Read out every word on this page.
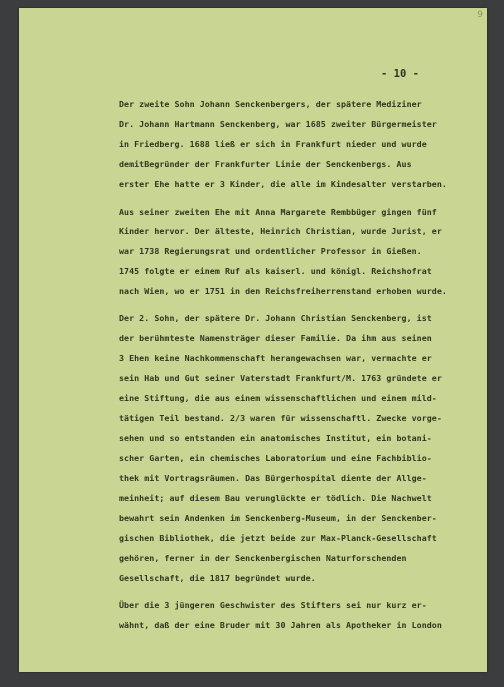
9
- 10 -
Der zweite Sohn Johann Senckenbergers, der spätere Mediziner
Dr. Johann Hartmann Senckenberg, war 1685 zweiter Bürgermeister
in Friedberg. 1688 ließ er sich in Frankfurt nieder und wurde
demitBegründer der Frankfurter Linie der Senckenbergs. Aus
erster Ehe hatte er 3 Kinder, die alle im Kindesalter verstarben.
Aus seiner zweiten Ehe mit Anna Margarete Rembbüger gingen fünf
Kinder hervor. Der älteste, Heinrich Christian, wurde Jurist, er
war 1738 Regierungsrat und ordentlicher Professor in Gießen.
1745 folgte er einem Ruf als kaiserl. und königl. Reichshofrat
nach Wien, wo er 1751 in den Reichsfreiherrenstand erhoben wurde.
Der 2. Sohn, der spätere Dr. Johann Christian Senckenberg, ist
der berühmteste Namensträger dieser Familie. Da ihm aus seinen
3 Ehen keine Nachkommenschaft herangewachsen war, vermachte er
sein Hab und Gut seiner Vaterstadt Frankfurt/M. 1763 gründete er
eine Stiftung, die aus einem wissenschaftlichen und einem mild-
tätigen Teil bestand. 2/3 waren für wissenschaftl. Zwecke vorge-
sehen und so entstanden ein anatomisches Institut, ein botani-
scher Garten, ein chemisches Laboratorium und eine Fachbiblio-
thek mit Vortragsräumen. Das Bürgerhospital diente der Allge-
meinheit; auf diesem Bau verunglückte er tödlich. Die Nachwelt
bewahrt sein Andenken im Senckenberg-Museum, in der Senckenber-
gischen Bibliothek, die jetzt beide zur Max-Planck-Gesellschaft
gehören, ferner in der Senckenbergischen Naturforschenden
Gesellschaft, die 1817 begründet wurde.
Über die 3 jüngeren Geschwister des Stifters sei nur kurz er-
wähnt, daß der eine Bruder mit 30 Jahren als Apotheker in London
